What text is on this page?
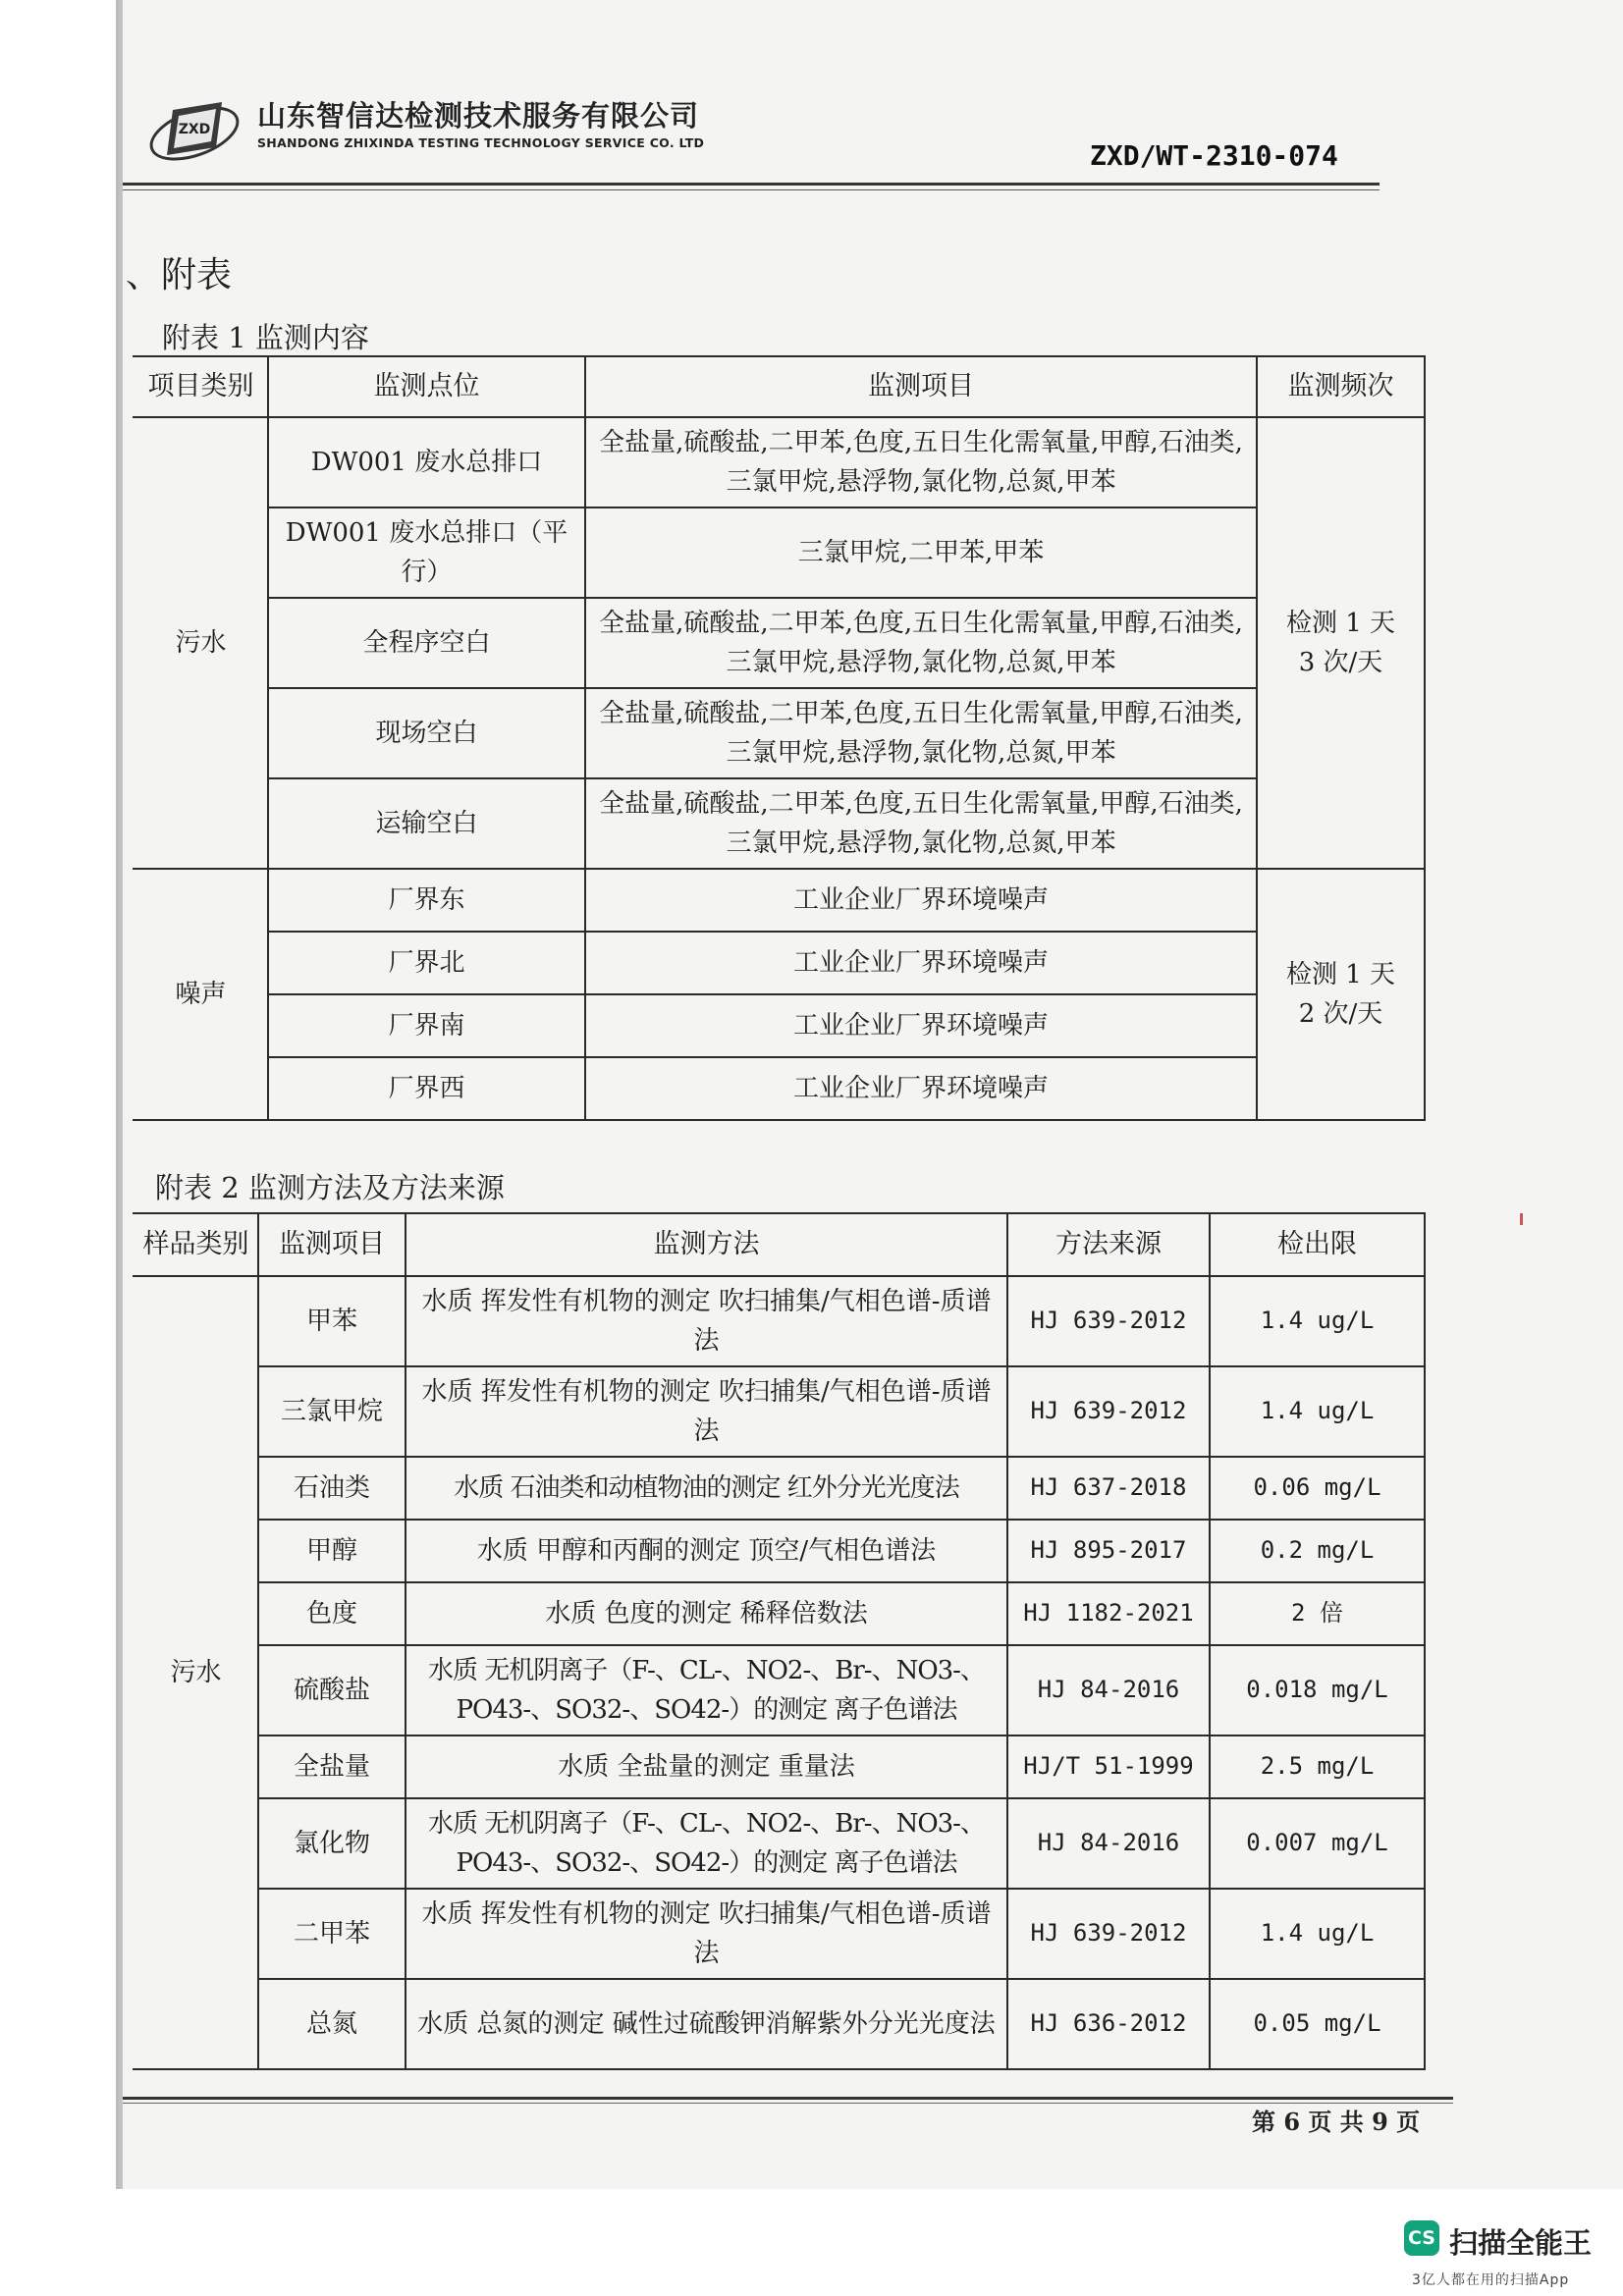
ZXD 山东智信达检测技术服务有限公司
SHANDONG ZHIXINDA TESTING TECHNOLOGY SERVICE CO. LTD	ZXD/WT-2310-074
、附表
附表 1 监测内容
项目类别	监测点位	监测项目	监测频次
污水	DW001 废水总排口	全盐量,硫酸盐,二甲苯,色度,五日生化需氧量,甲醇,石油类,三氯甲烷,悬浮物,氯化物,总氮,甲苯	检测 1 天
3 次/天

	DW001 废水总排口（平行）	三氯甲烷,二甲苯,甲苯	
	全程序空白	全盐量,硫酸盐,二甲苯,色度,五日生化需氧量,甲醇,石油类,三氯甲烷,悬浮物,氯化物,总氮,甲苯	
	现场空白	全盐量,硫酸盐,二甲苯,色度,五日生化需氧量,甲醇,石油类,三氯甲烷,悬浮物,氯化物,总氮,甲苯	
	运输空白	全盐量,硫酸盐,二甲苯,色度,五日生化需氧量,甲醇,石油类,三氯甲烷,悬浮物,氯化物,总氮,甲苯	
噪声	厂界东	工业企业厂界环境噪声	检测 1 天
2 次/天

	厂界北	工业企业厂界环境噪声	
	厂界南	工业企业厂界环境噪声	
	厂界西	工业企业厂界环境噪声	
附表 2 监测方法及方法来源
样品类别	监测项目	监测方法	方法来源	检出限
污水	甲苯	水质 挥发性有机物的测定 吹扫捕集/气相色谱-质谱法	HJ 639-2012	1.4 ug/L
	三氯甲烷	水质 挥发性有机物的测定 吹扫捕集/气相色谱-质谱法	HJ 639-2012	1.4 ug/L
	石油类	水质 石油类和动植物油的测定 红外分光光度法	HJ 637-2018	0.06 mg/L
	甲醇	水质 甲醇和丙酮的测定 顶空/气相色谱法	HJ 895-2017	0.2 mg/L
	色度	水质 色度的测定 稀释倍数法	HJ 1182-2021	2 倍
	硫酸盐	水质 无机阴离子（F-、CL-、NO2-、Br-、NO3-、PO43-、SO32-、SO42-）的测定 离子色谱法	HJ 84-2016	0.018 mg/L
	全盐量	水质 全盐量的测定 重量法	HJ/T 51-1999	2.5 mg/L
	氯化物	水质 无机阴离子（F-、CL-、NO2-、Br-、NO3-、PO43-、SO32-、SO42-）的测定 离子色谱法	HJ 84-2016	0.007 mg/L
	二甲苯	水质 挥发性有机物的测定 吹扫捕集/气相色谱-质谱法	HJ 639-2012	1.4 ug/L
	总氮	水质 总氮的测定 碱性过硫酸钾消解紫外分光光度法	HJ 636-2012	0.05 mg/L
第 6 页 共 9 页
CS 扫描全能王
3亿人都在用的扫描App
